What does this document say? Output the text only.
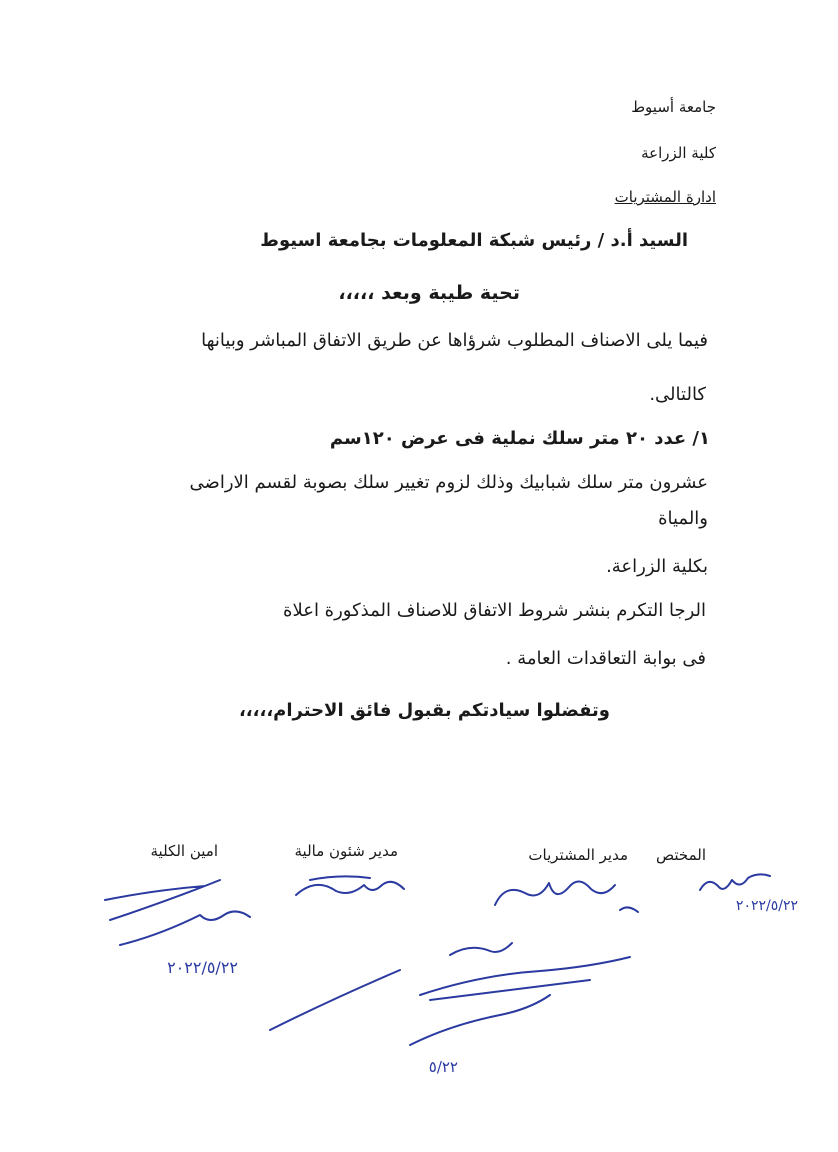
جامعة أسيوط
كلية الزراعة
ادارة المشتريات
السيد أ.د / رئيس شبكة المعلومات بجامعة اسيوط
تحية طيبة وبعد ،،،،،
فيما يلى الاصناف المطلوب شرؤاها عن طريق الاتفاق المباشر وبيانها
كالتالى.
١/ عدد ٢٠ متر سلك نملية فى عرض ١٢٠سم
عشرون متر سلك شبابيك وذلك لزوم تغيير سلك بصوبة لقسم الاراضى
والمياة
بكلية الزراعة.
الرجا التكرم بنشر شروط الاتفاق للاصناف المذكورة اعلاة
فى بوابة التعاقدات العامة .
وتفضلوا سيادتكم بقبول فائق الاحترام،،،،،
المختص
مدير المشتريات
مدير شئون مالية
امين الكلية
٢٠٢٢/٥/٢٢
٢٠٢٢/٥/٢٢
٥/٢٢
